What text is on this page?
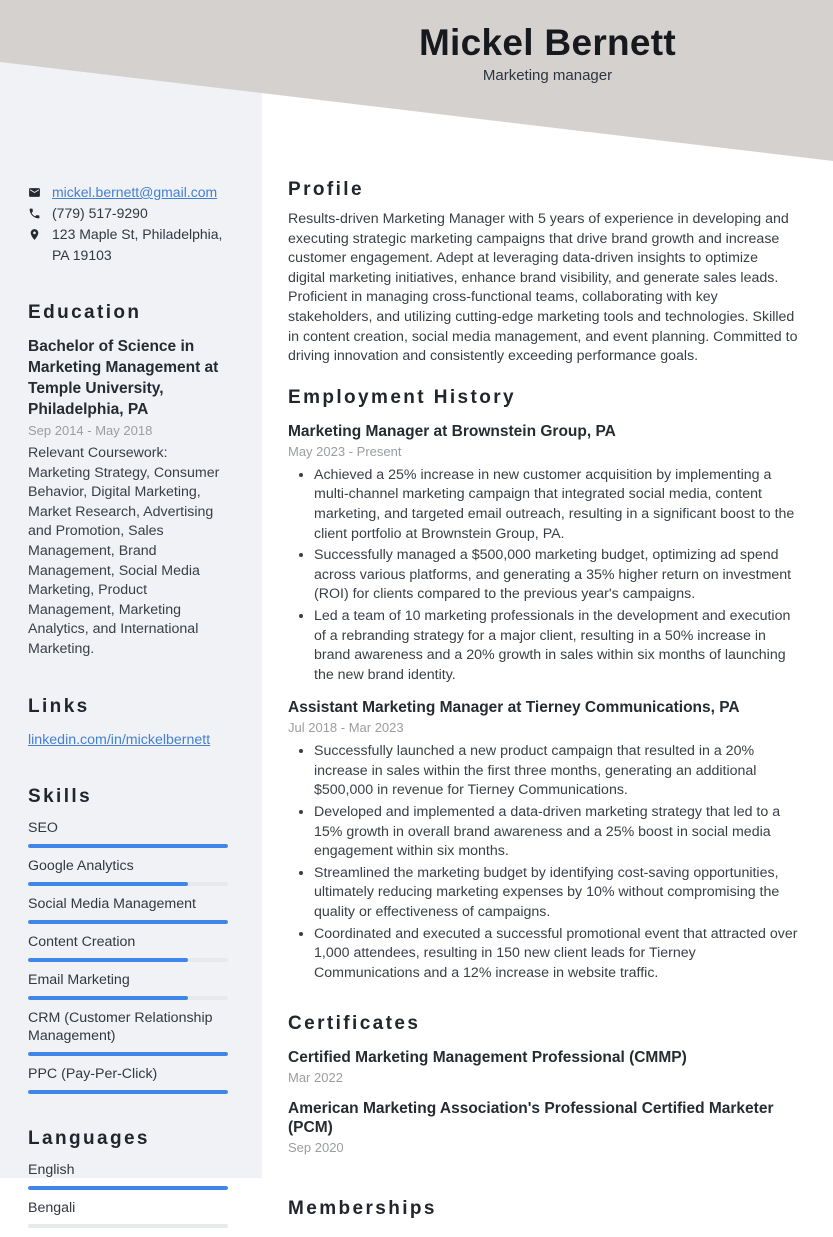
Mickel Bernett
Marketing manager
mickel.bernett@gmail.com
(779) 517-9290
123 Maple St, Philadelphia, PA 19103
Education
Bachelor of Science in Marketing Management at Temple University, Philadelphia, PA
Sep 2014 - May 2018
Relevant Coursework: Marketing Strategy, Consumer Behavior, Digital Marketing, Market Research, Advertising and Promotion, Sales Management, Brand Management, Social Media Marketing, Product Management, Marketing Analytics, and International Marketing.
Links
linkedin.com/in/mickelbernett
Skills
SEO
Google Analytics
Social Media Management
Content Creation
Email Marketing
CRM (Customer Relationship Management)
PPC (Pay-Per-Click)
Languages
English
Bengali
Profile

Results-driven Marketing Manager with 5 years of experience in developing and executing strategic marketing campaigns that drive brand growth and increase customer engagement. Adept at leveraging data-driven insights to optimize digital marketing initiatives, enhance brand visibility, and generate sales leads. Proficient in managing cross-functional teams, collaborating with key stakeholders, and utilizing cutting-edge marketing tools and technologies. Skilled in content creation, social media management, and event planning. Committed to driving innovation and consistently exceeding performance goals.

Employment History
Marketing Manager at Brownstein Group, PA
May 2023 - Present
• Achieved a 25% increase in new customer acquisition by implementing a multi-channel marketing campaign that integrated social media, content marketing, and targeted email outreach, resulting in a significant boost to the client portfolio at Brownstein Group, PA.
• Successfully managed a $500,000 marketing budget, optimizing ad spend across various platforms, and generating a 35% higher return on investment (ROI) for clients compared to the previous year's campaigns.
• Led a team of 10 marketing professionals in the development and execution of a rebranding strategy for a major client, resulting in a 50% increase in brand awareness and a 20% growth in sales within six months of launching the new brand identity.
Assistant Marketing Manager at Tierney Communications, PA
Jul 2018 - Mar 2023
• Successfully launched a new product campaign that resulted in a 20% increase in sales within the first three months, generating an additional $500,000 in revenue for Tierney Communications.
• Developed and implemented a data-driven marketing strategy that led to a 15% growth in overall brand awareness and a 25% boost in social media engagement within six months.
• Streamlined the marketing budget by identifying cost-saving opportunities, ultimately reducing marketing expenses by 10% without compromising the quality or effectiveness of campaigns.
• Coordinated and executed a successful promotional event that attracted over 1,000 attendees, resulting in 150 new client leads for Tierney Communications and a 12% increase in website traffic.
Certificates
Certified Marketing Management Professional (CMMP)
Mar 2022
American Marketing Association's Professional Certified Marketer (PCM)
Sep 2020
Memberships
